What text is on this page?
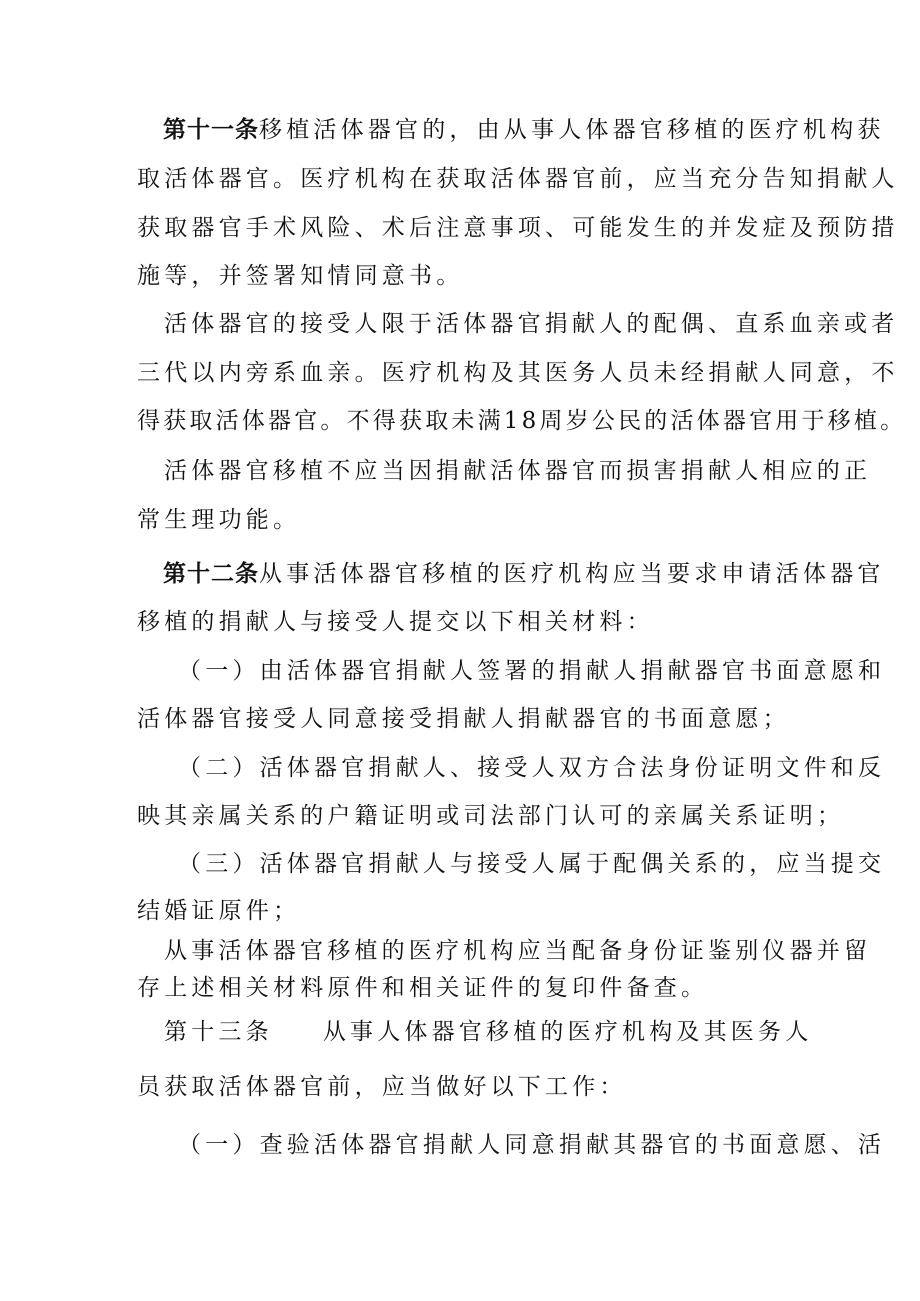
第十一条移植活体器官的，由从事人体器官移植的医疗机构获
取活体器官。医疗机构在获取活体器官前，应当充分告知捐献人
获取器官手术风险、术后注意事项、可能发生的并发症及预防措
施等，并签署知情同意书。
活体器官的接受人限于活体器官捐献人的配偶、直系血亲或者
三代以内旁系血亲。医疗机构及其医务人员未经捐献人同意，不
得获取活体器官。不得获取未满18周岁公民的活体器官用于移植。
活体器官移植不应当因捐献活体器官而损害捐献人相应的正
常生理功能。
第十二条从事活体器官移植的医疗机构应当要求申请活体器官
移植的捐献人与接受人提交以下相关材料：
（一）由活体器官捐献人签署的捐献人捐献器官书面意愿和
活体器官接受人同意接受捐献人捐献器官的书面意愿；
（二）活体器官捐献人、接受人双方合法身份证明文件和反
映其亲属关系的户籍证明或司法部门认可的亲属关系证明；
（三）活体器官捐献人与接受人属于配偶关系的，应当提交
结婚证原件；
从事活体器官移植的医疗机构应当配备身份证鉴别仪器并留
存上述相关材料原件和相关证件的复印件备查。
第十三条 从事人体器官移植的医疗机构及其医务人
员获取活体器官前，应当做好以下工作：
（一）查验活体器官捐献人同意捐献其器官的书面意愿、活
